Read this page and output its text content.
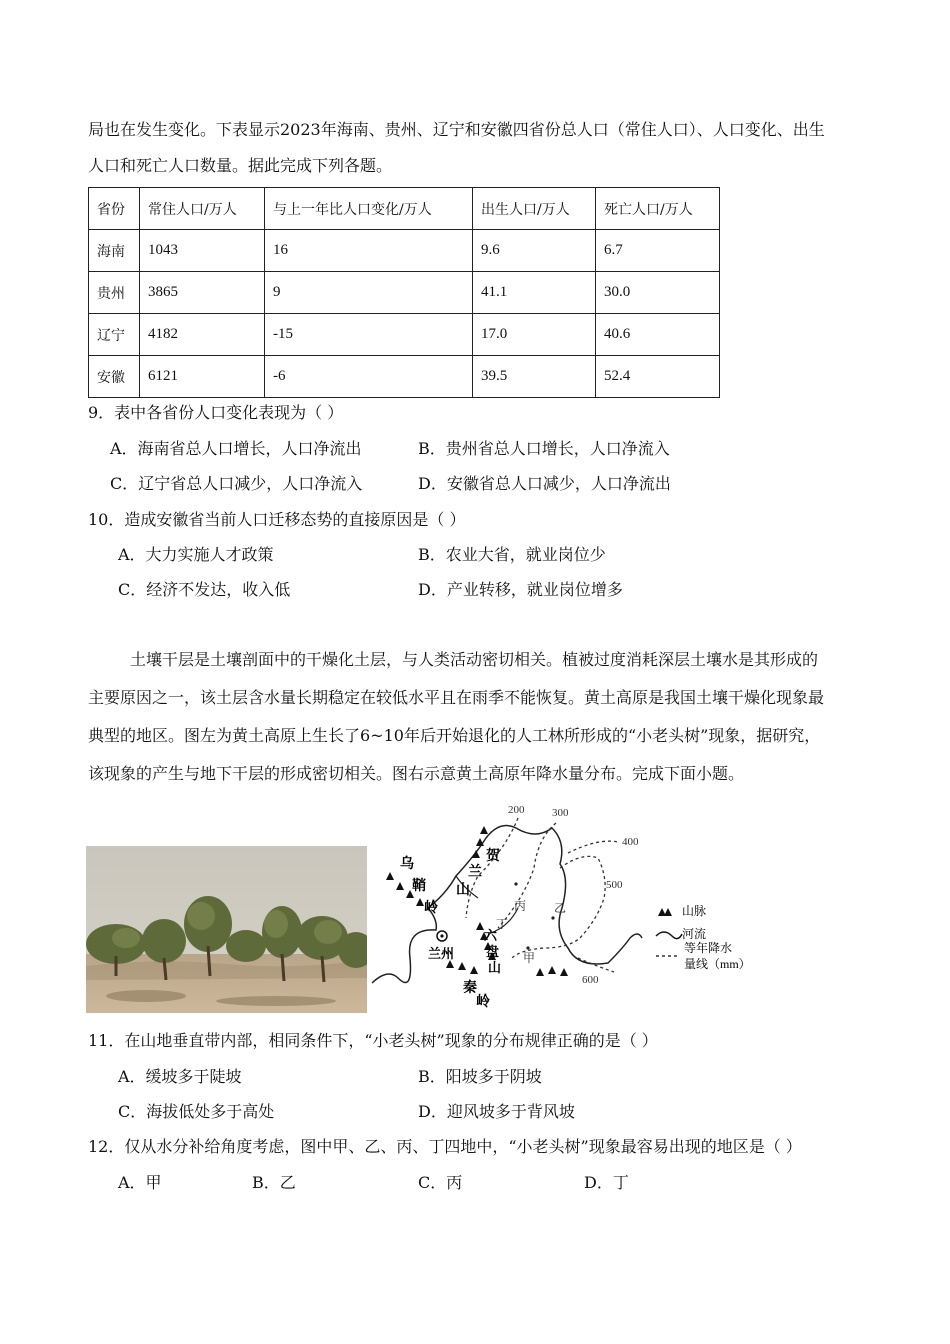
局也在发生变化。下表显示2023年海南、贵州、辽宁和安徽四省份总人口（常住人口）、人口变化、出生
人口和死亡人口数量。据此完成下列各题。
省份	常住人口/万人	与上一年比人口变化/万人	出生人口/万人	死亡人口/万人
海南	1043	16	9.6	6.7
贵州	3865	9	41.1	30.0
辽宁	4182	-15	17.0	40.6
安徽	6121	-6	39.5	52.4
9．表中各省份人口变化表现为（ ）
A．海南省总人口增长，人口净流出	B．贵州省总人口增长，人口净流入
C．辽宁省总人口减少，人口净流入	D．安徽省总人口减少，人口净流出
10．造成安徽省当前人口迁移态势的直接原因是（ ）
A．大力实施人才政策	B．农业大省，就业岗位少
C．经济不发达，收入低	D．产业转移，就业岗位增多
土壤干层是土壤剖面中的干燥化土层，与人类活动密切相关。植被过度消耗深层土壤水是其形成的
主要原因之一，该土层含水量长期稳定在较低水平且在雨季不能恢复。黄土高原是我国土壤干燥化现象最
典型的地区。图左为黄土高原上生长了6~10年后开始退化的人工林所形成的“小老头树”现象，据研究，
该现象的产生与地下干层的形成密切相关。图右示意黄土高原年降水量分布。完成下面小题。
200	300
400
500
600
乌
鞘
岭
贺
兰
山
六
盘
山
秦
岭
兰州
丙 乙
甲
丁
山脉
河流
等年降水
量线（mm）
11．在山地垂直带内部，相同条件下，“小老头树”现象的分布规律正确的是（ ）
A．缓坡多于陡坡	B．阳坡多于阴坡
C．海拔低处多于高处	D．迎风坡多于背风坡
12．仅从水分补给角度考虑，图中甲、乙、丙、丁四地中，“小老头树”现象最容易出现的地区是（ ）
A．甲	B．乙	C．丙	D．丁
